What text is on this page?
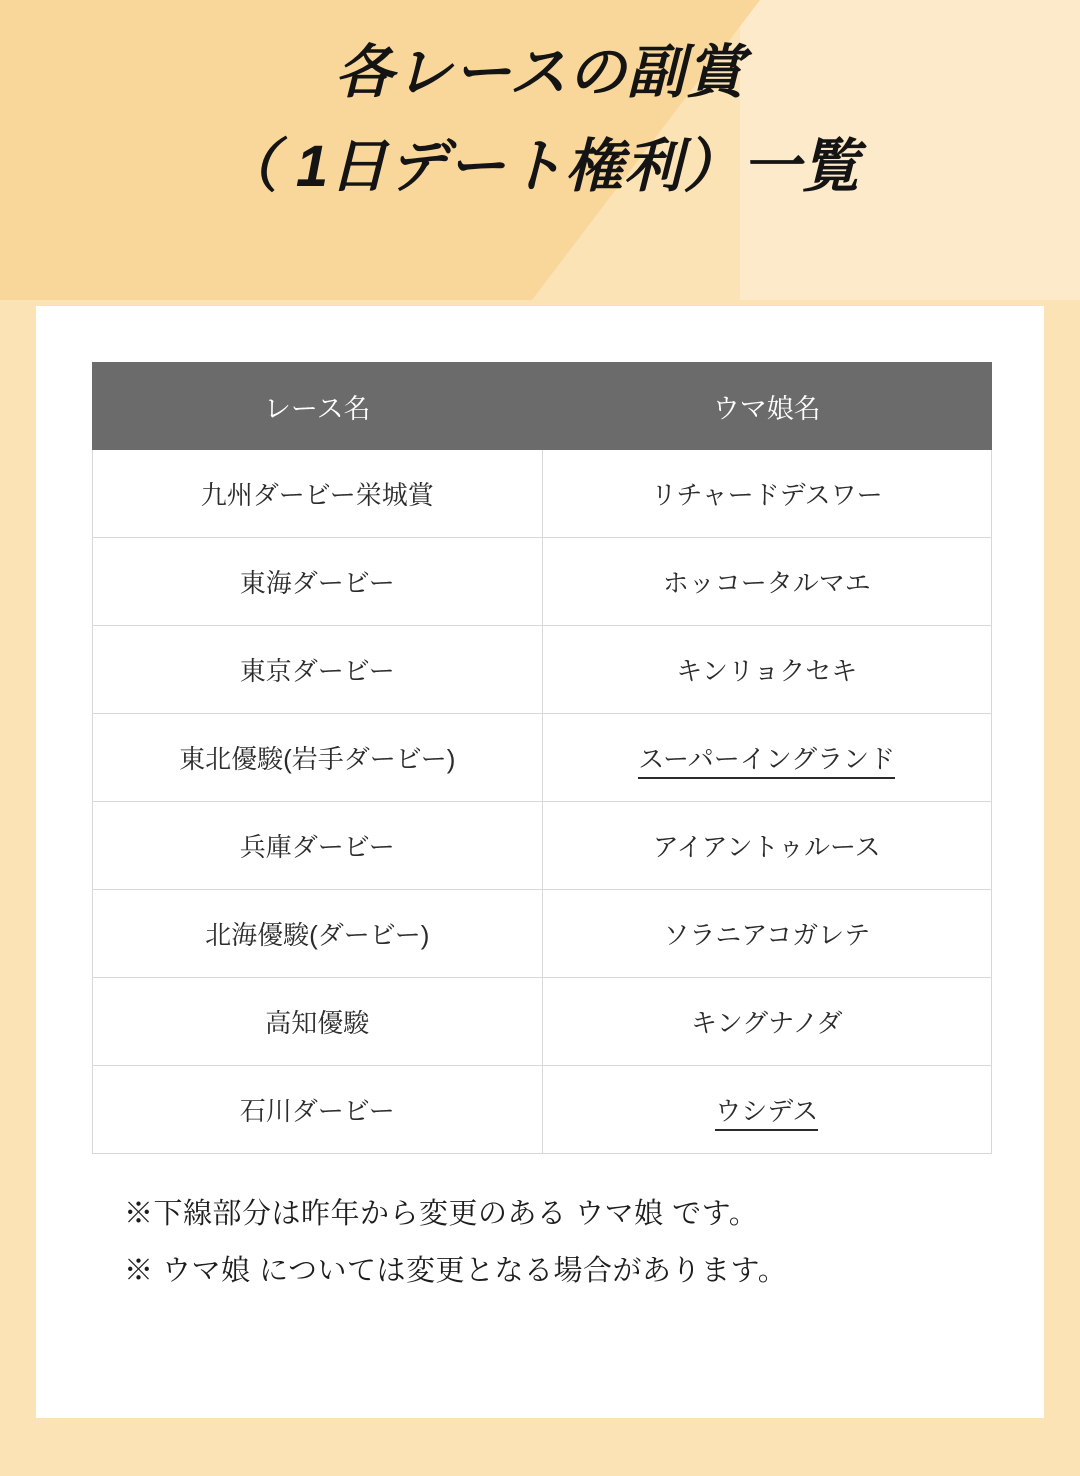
各レースの副賞
（ 1日デート権利）一覧
レース名	ウマ娘名
九州ダービー栄城賞	リチャードデスワー
東海ダービー	ホッコータルマエ
東京ダービー	キンリョクセキ
東北優駿(岩手ダービー)	スーパーイングランド
兵庫ダービー	アイアントゥルース
北海優駿(ダービー)	ソラニアコガレテ
高知優駿	キングナノダ
石川ダービー	ウシデス
※下線部分は昨年から変更のある ウマ娘 です。
※ ウマ娘 については変更となる場合があります。
